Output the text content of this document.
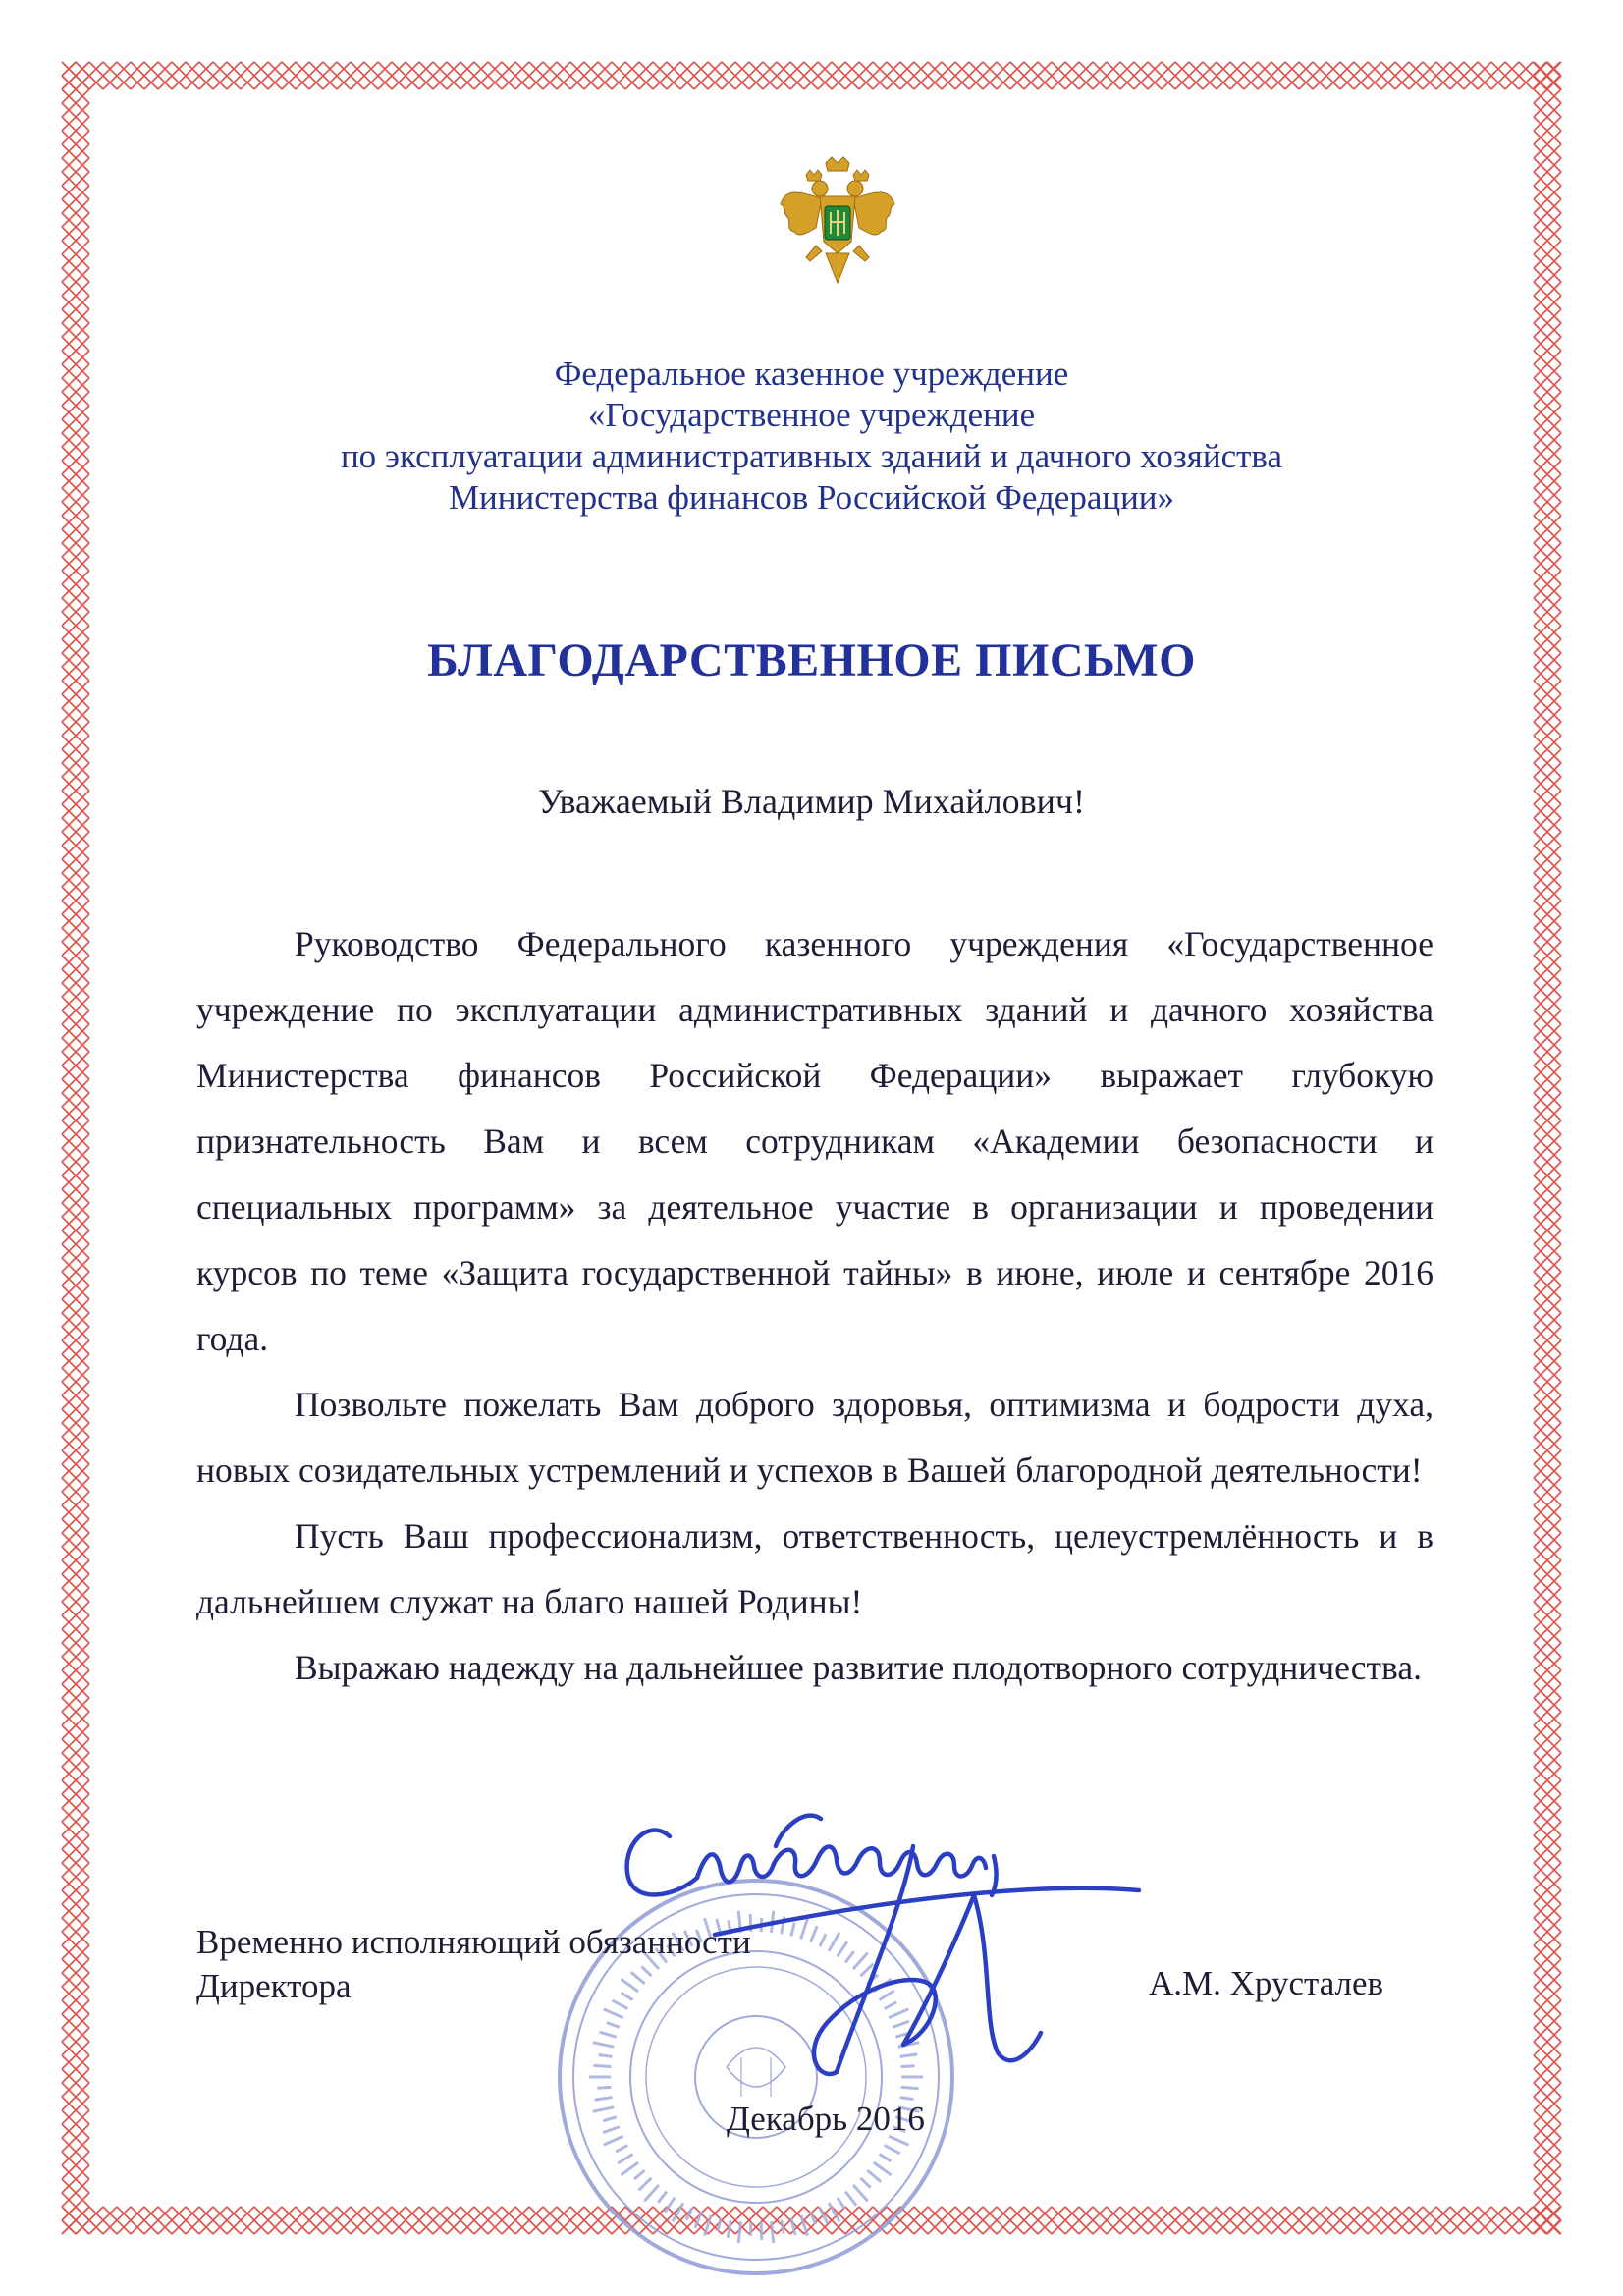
Федеральное казенное учреждение
«Государственное учреждение
по эксплуатации административных зданий и дачного хозяйства
Министерства финансов Российской Федерации»
БЛАГОДАРСТВЕННОЕ ПИСЬМО
Уважаемый Владимир Михайлович!

Руководство Федерального казенного учреждения «Государственное учреждение по эксплуатации административных зданий и дачного хозяйства Министерства финансов Российской Федерации» выражает глубокую признательность Вам и всем сотрудникам «Академии безопасности и специальных программ» за деятельное участие в организации и проведении курсов по теме «Защита государственной тайны» в июне, июле и сентябре 2016 года.

Позвольте пожелать Вам доброго здоровья, оптимизма и бодрости духа, новых созидательных устремлений и успехов в Вашей благородной деятельности!

Пусть Ваш профессионализм, ответственность, целеустремлённость и в дальнейшем служат на благо нашей Родины!

Выражаю надежду на дальнейшее развитие плодотворного сотрудничества.

Временно исполняющий обязанности
Директора	А.М. Хрусталев
Декабрь 2016
